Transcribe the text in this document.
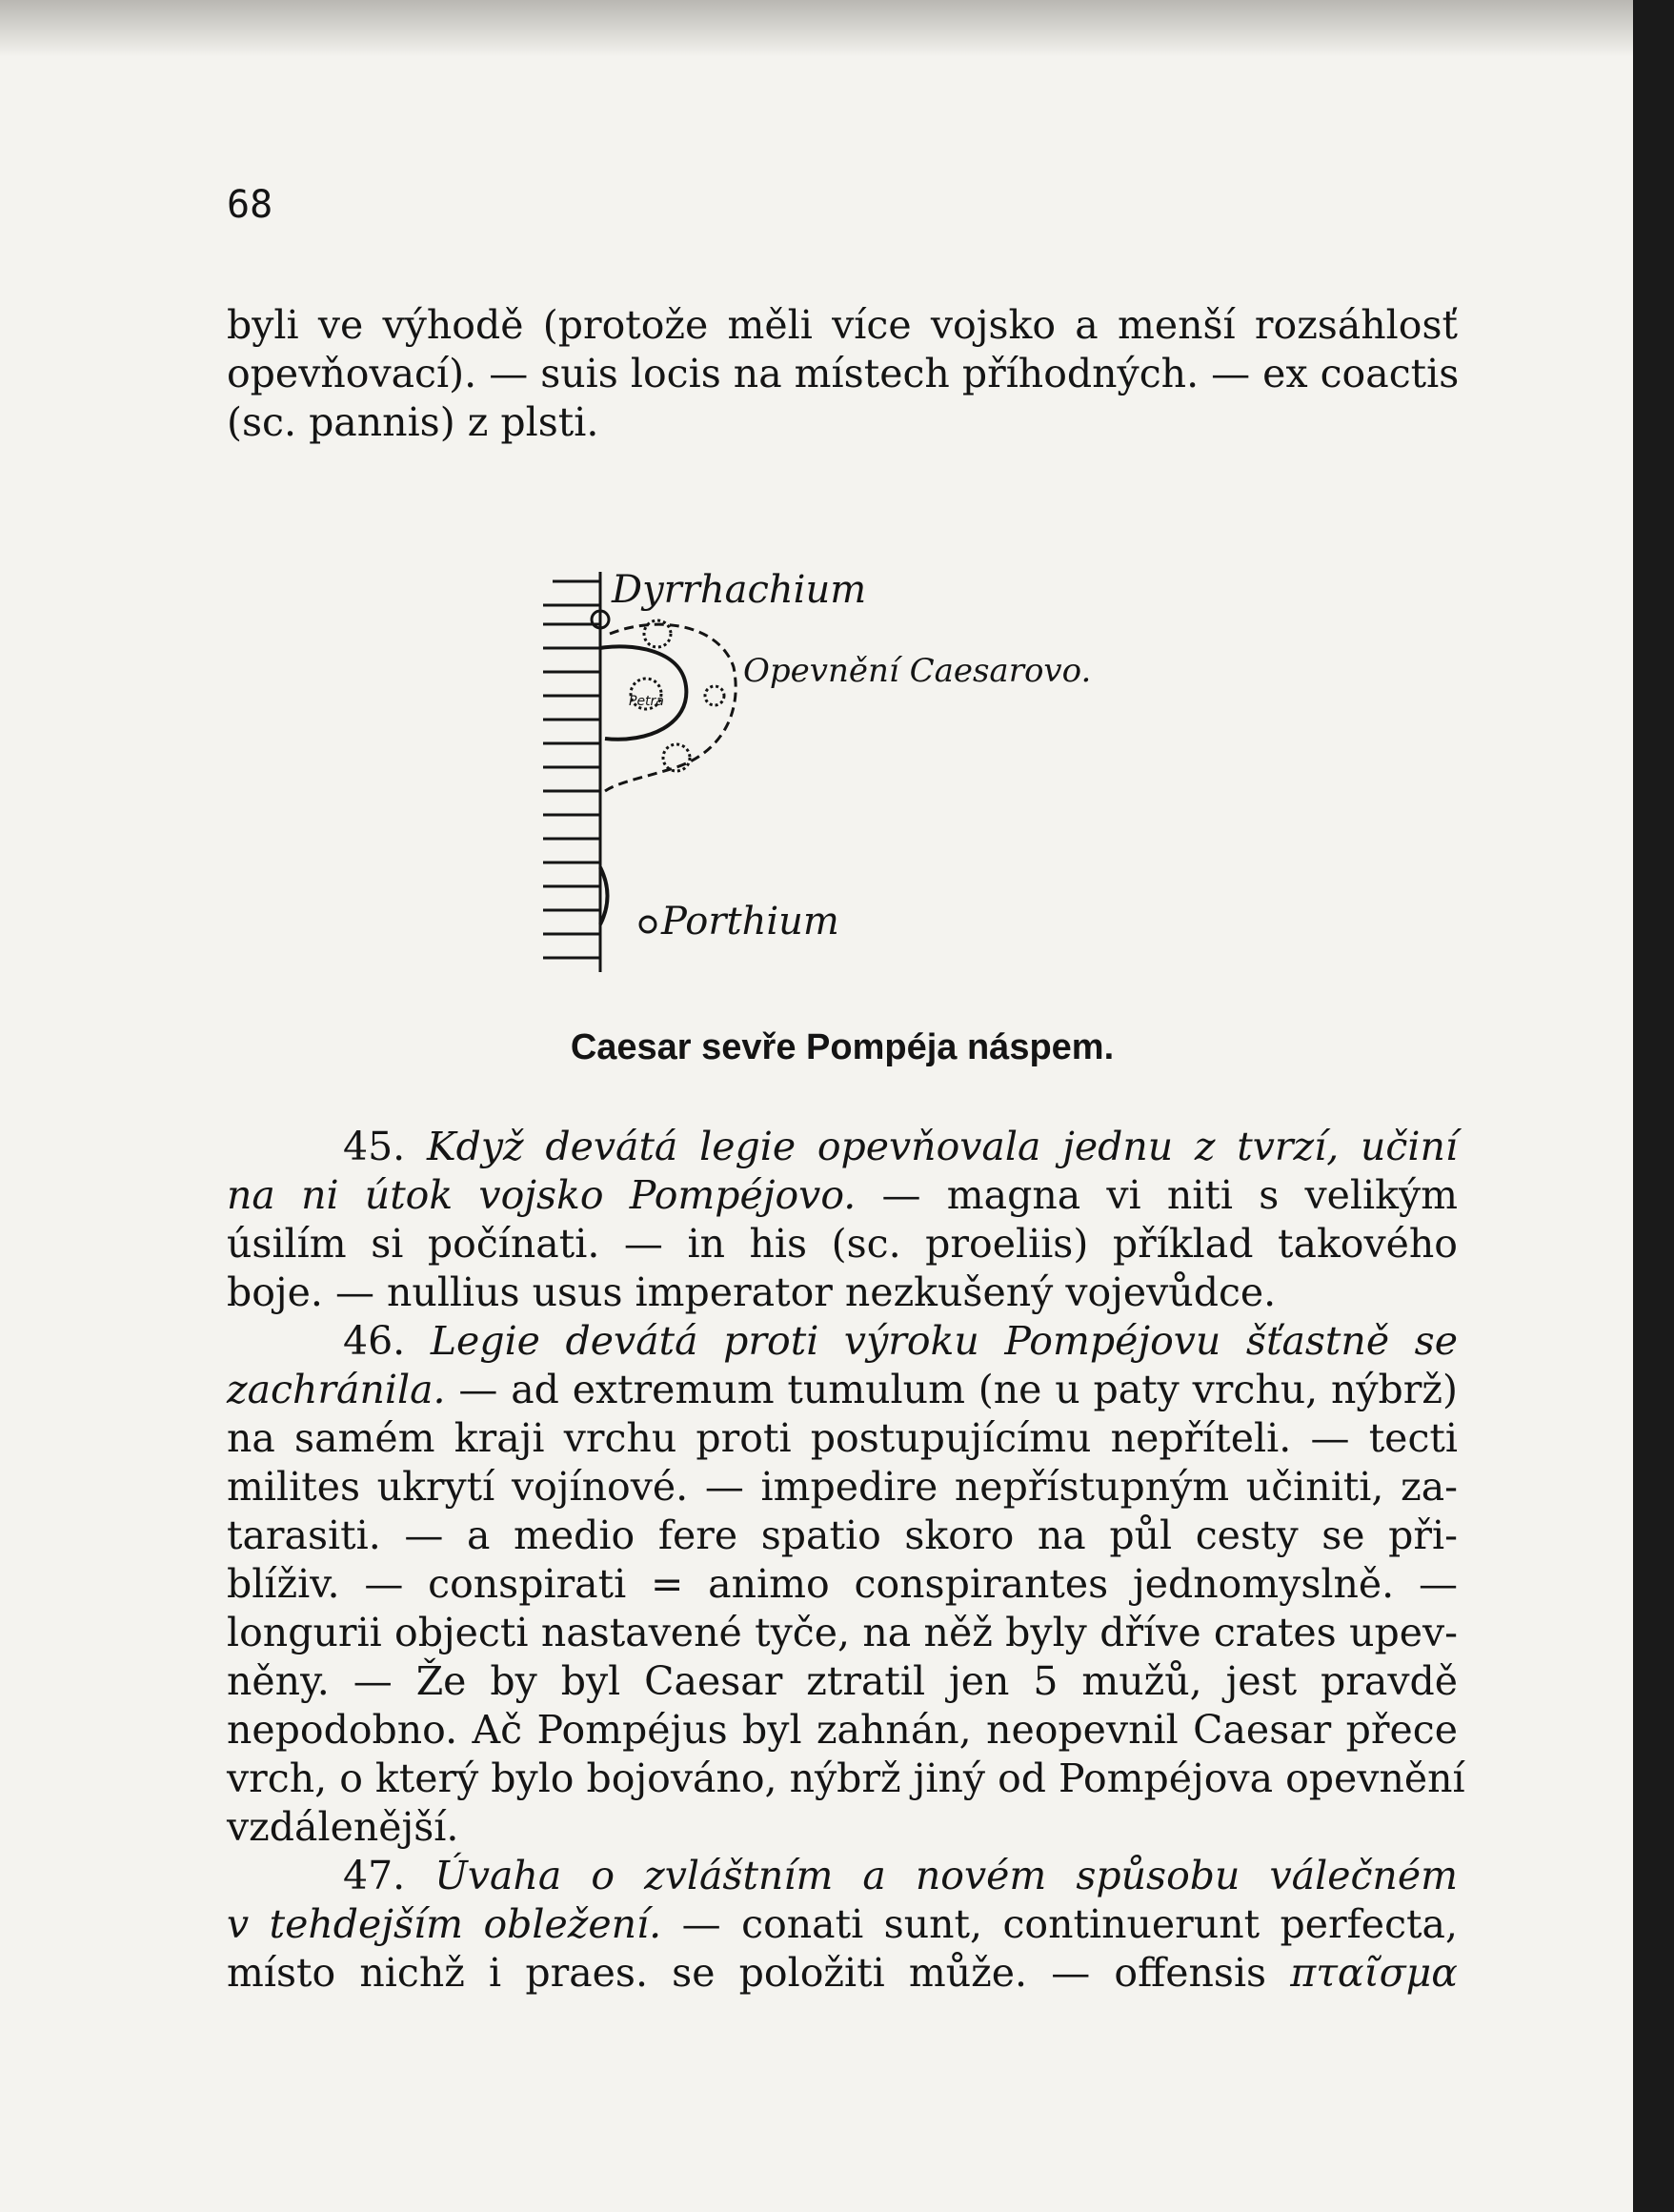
68
byli ve výhodě (protože měli více vojsko a menší rozsáhlosť
opevňovací). — suis locis na místech příhodných. — ex coactis
(sc. pannis) z plsti.
Dyrrhachium
Opevnění Caesarovo.
Petra
Porthium
Caesar sevře Pompéja náspem.
45. Když devátá legie opevňovala jednu z tvrzí, učiní
na ni útok vojsko Pompéjovo. — magna vi niti s velikým
úsilím si počínati. — in his (sc. proeliis) příklad takového
boje. — nullius usus imperator nezkušený vojevůdce.
46. Legie devátá proti výroku Pompéjovu šťastně se
zachránila. — ad extremum tumulum (ne u paty vrchu, nýbrž)
na samém kraji vrchu proti postupujícímu nepříteli. — tecti
milites ukrytí vojínové. — impedire nepřístupným učiniti, za-
tarasiti. — a medio fere spatio skoro na půl cesty se při-
blíživ. — conspirati = animo conspirantes jednomyslně. —
longurii objecti nastavené tyče, na něž byly dříve crates upev-
něny. — Že by byl Caesar ztratil jen 5 mužů, jest pravdě
nepodobno. Ač Pompéjus byl zahnán, neopevnil Caesar přece
vrch, o který bylo bojováno, nýbrž jiný od Pompéjova opevnění
vzdálenější.
47. Úvaha o zvláštním a novém spůsobu válečném
v tehdejším obležení. — conati sunt, continuerunt perfecta,
místo nichž i praes. se položiti může. — offensis πταῖσμα
